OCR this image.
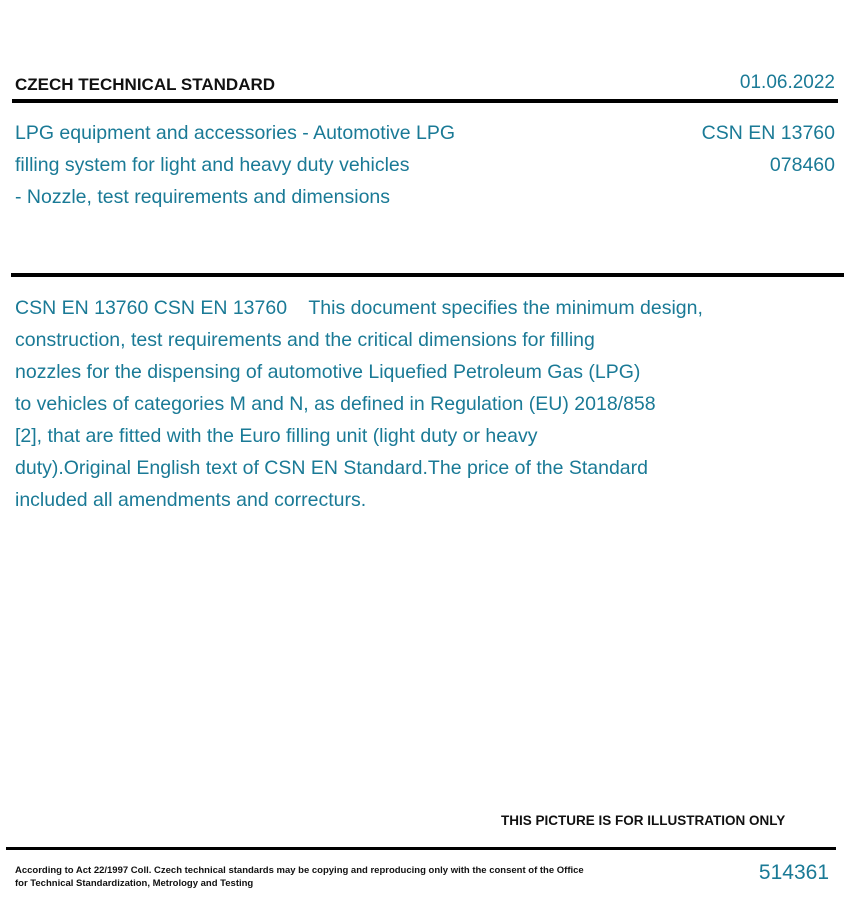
CZECH TECHNICAL STANDARD	01.06.2022
LPG equipment and accessories - Automotive LPG
filling system for light and heavy duty vehicles
- Nozzle, test requirements and dimensions
CSN EN 13760
078460
CSN EN 13760 CSN EN 13760    This document specifies the minimum design,
construction, test requirements and the critical dimensions for filling
nozzles for the dispensing of automotive Liquefied Petroleum Gas (LPG)
to vehicles of categories M and N, as defined in Regulation (EU) 2018/858
[2], that are fitted with the Euro filling unit (light duty or heavy
duty).Original English text of CSN EN Standard.The price of the Standard
included all amendments and correcturs.
THIS PICTURE IS FOR ILLUSTRATION ONLY
According to Act 22/1997 Coll. Czech technical standards may be copying and reproducing only with the consent of the Office
for Technical Standardization, Metrology and Testing	514361
